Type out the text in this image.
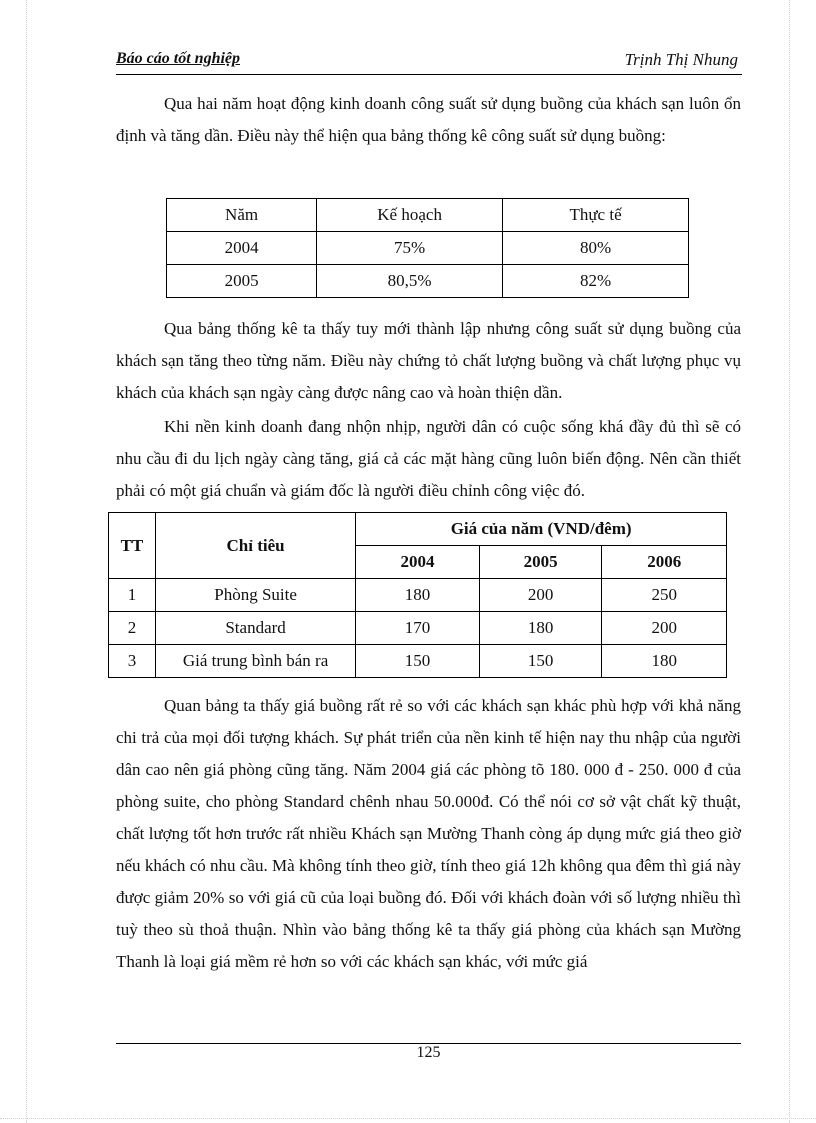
Báo cáo tốt nghiệp	Trịnh Thị Nhung

Qua hai năm hoạt động kinh doanh công suất sử dụng buồng của khách sạn luôn ổn định và tăng dần. Điều này thể hiện qua bảng thống kê công suất sử dụng buồng:

Năm	Kế hoạch	Thực tế
2004	75%	80%
2005	80,5%	82%

Qua bảng thống kê ta thấy tuy mới thành lập nhưng công suất sử dụng buồng của khách sạn tăng theo từng năm. Điều này chứng tỏ chất lượng buồng và chất lượng phục vụ khách của khách sạn ngày càng được nâng cao và hoàn thiện dần.

Khi nền kinh doanh đang nhộn nhịp, người dân có cuộc sống khá đầy đủ thì sẽ có nhu cầu đi du lịch ngày càng tăng, giá cả các mặt hàng cũng luôn biến động. Nên cần thiết phải có một giá chuẩn và giám đốc là người điều chỉnh công việc đó.

TT	Chỉ tiêu	Giá của năm (VND/đêm)		
		2004	2005	2006
1	Phòng Suite	180	200	250
2	Standard	170	180	200
3	Giá trung bình bán ra	150	150	180

Quan bảng ta thấy giá buồng rất rẻ so với các khách sạn khác phù hợp với khả năng chi trả của mọi đối tượng khách. Sự phát triển của nền kinh tế hiện nay thu nhập của người dân cao nên giá phòng cũng tăng. Năm 2004 giá các phòng tõ 180. 000 đ - 250. 000 đ của phòng suite, cho phòng Standard chênh nhau 50.000đ. Có thể nói cơ sở vật chất kỹ thuật, chất lượng tốt hơn trước rất nhiều Khách sạn Mường Thanh còng áp dụng mức giá theo giờ nếu khách có nhu cầu. Mà không tính theo giờ, tính theo giá 12h không qua đêm thì giá này được giảm 20% so với giá cũ của loại buồng đó. Đối với khách đoàn với số lượng nhiều thì tuỳ theo sù thoả thuận. Nhìn vào bảng thống kê ta thấy giá phòng của khách sạn Mường Thanh là loại giá mềm rẻ hơn so với các khách sạn khác, với mức giá

125
